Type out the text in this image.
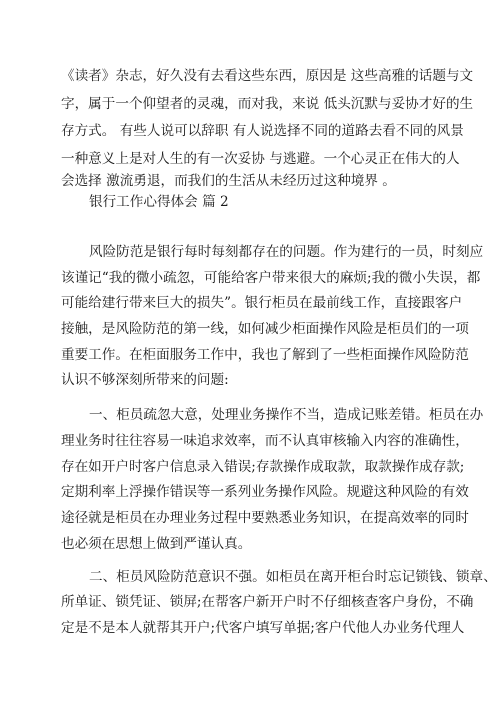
《读者》杂志，好久没有去看这些东西，原因是 这些高雅的话题与文
字，属于一个仰望者的灵魂，而对我，来说 低头沉默与妥协才好的生
存方式。 有些人说可以辞职 有人说选择不同的道路去看不同的风景
一种意义上是对人生的有一次妥协 与逃避。一个心灵正在伟大的人
会选择 激流勇退，而我们的生活从未经历过这种境界 。
银行工作心得体会 篇 2
风险防范是银行每时每刻都存在的问题。作为建行的一员，时刻应
该谨记“我的微小疏忽，可能给客户带来很大的麻烦;我的微小失误，都
可能给建行带来巨大的损失”。银行柜员在最前线工作，直接跟客户
接触，是风险防范的第一线，如何减少柜面操作风险是柜员们的一项
重要工作。在柜面服务工作中，我也了解到了一些柜面操作风险防范
认识不够深刻所带来的问题:
一、柜员疏忽大意，处理业务操作不当，造成记账差错。柜员在办
理业务时往往容易一味追求效率，而不认真审核输入内容的准确性，
存在如开户时客户信息录入错误;存款操作成取款，取款操作成存款;
定期利率上浮操作错误等一系列业务操作风险。规避这种风险的有效
途径就是柜员在办理业务过程中要熟悉业务知识，在提高效率的同时
也必须在思想上做到严谨认真。
二、柜员风险防范意识不强。如柜员在离开柜台时忘记锁钱、锁章、
所单证、锁凭证、锁屏;在帮客户新开户时不仔细核查客户身份，不确
定是不是本人就帮其开户;代客户填写单据;客户代他人办业务代理人
